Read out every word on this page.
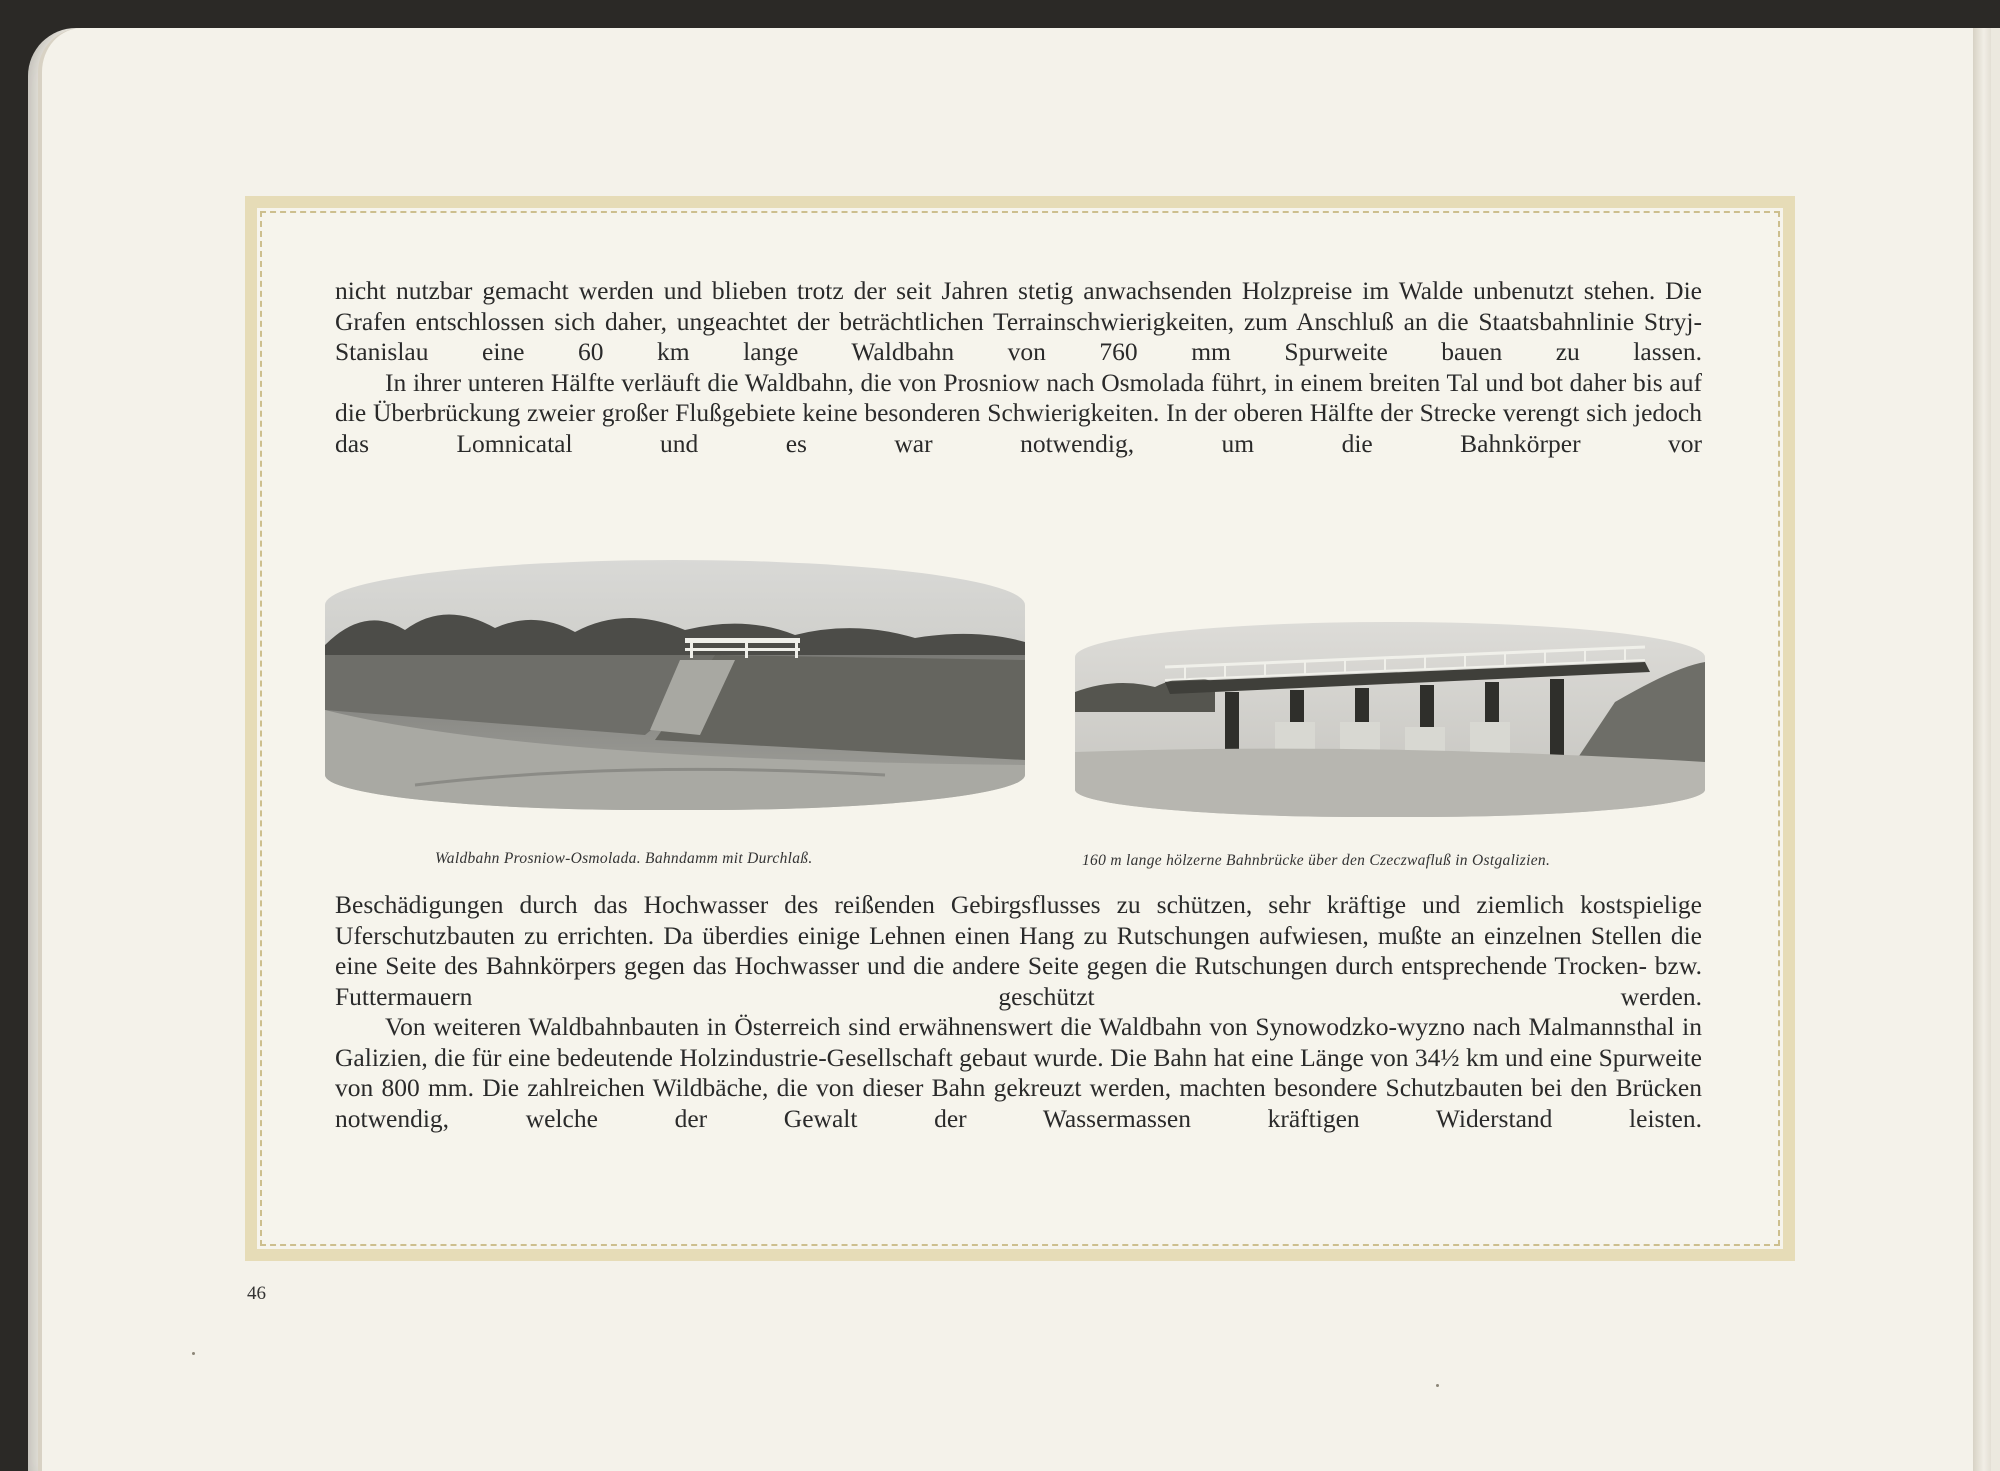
nicht nutzbar gemacht werden und blieben trotz der seit Jahren stetig anwachsenden Holzpreise im Walde unbenutzt stehen. Die Grafen entschlossen sich daher, ungeachtet der beträchtlichen Terrainschwierigkeiten, zum Anschluß an die Staatsbahnlinie Stryj-Stanislau eine 60 km lange Waldbahn von 760 mm Spurweite bauen zu lassen.

In ihrer unteren Hälfte verläuft die Waldbahn, die von Prosniow nach Osmolada führt, in einem breiten Tal und bot daher bis auf die Überbrückung zweier großer Flußgebiete keine besonderen Schwierigkeiten. In der oberen Hälfte der Strecke verengt sich jedoch das Lomnicatal und es war notwendig, um die Bahnkörper vor

Waldbahn Prosniow-Osmolada. Bahndamm mit Durchlaß.	160 m lange hölzerne Bahnbrücke über den Czeczwafluß in Ostgalizien.

Beschädigungen durch das Hochwasser des reißenden Gebirgsflusses zu schützen, sehr kräftige und ziemlich kostspielige Uferschutzbauten zu errichten. Da überdies einige Lehnen einen Hang zu Rutschungen aufwiesen, mußte an einzelnen Stellen die eine Seite des Bahnkörpers gegen das Hochwasser und die andere Seite gegen die Rutschungen durch entsprechende Trocken- bzw. Futtermauern geschützt werden.

Von weiteren Waldbahnbauten in Österreich sind erwähnenswert die Waldbahn von Synowodzko-wyzno nach Malmannsthal in Galizien, die für eine bedeutende Holzindustrie-Gesellschaft gebaut wurde. Die Bahn hat eine Länge von 34½ km und eine Spurweite von 800 mm. Die zahlreichen Wildbäche, die von dieser Bahn gekreuzt werden, machten besondere Schutzbauten bei den Brücken notwendig, welche der Gewalt der Wassermassen kräftigen Widerstand leisten.

46
